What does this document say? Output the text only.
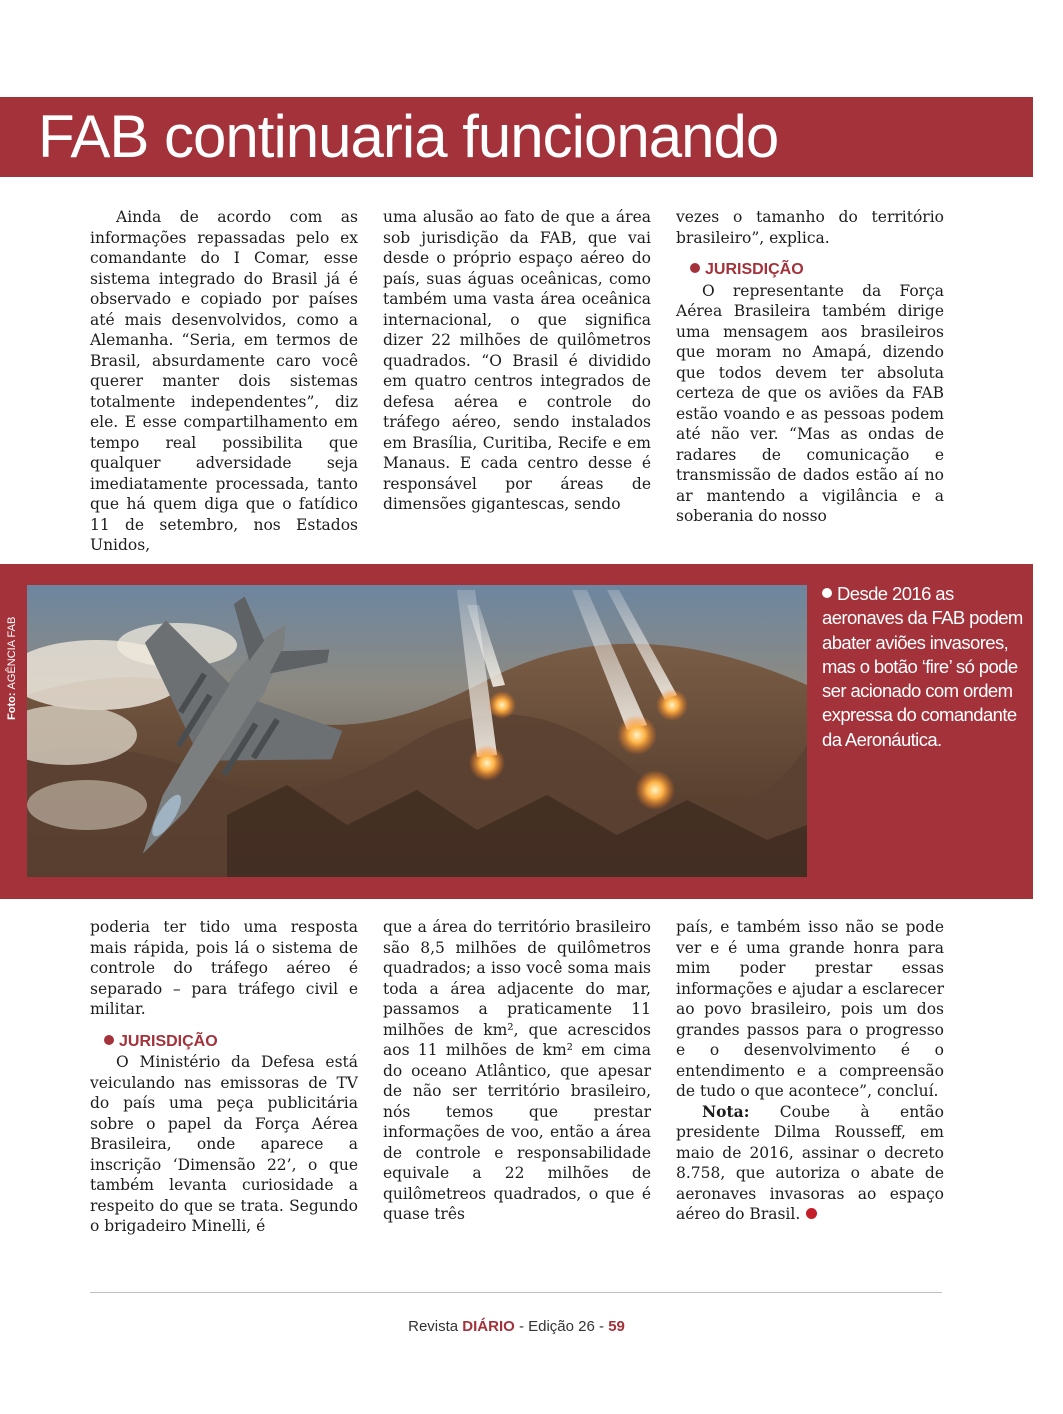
FAB continuaria funcionando

Ainda de acordo com as informações repassadas pelo ex comandante do I Comar, esse sistema integrado do Brasil já é observado e copiado por países até mais desenvolvidos, como a Alemanha. “Seria, em termos de Brasil, absurdamente caro você querer manter dois sistemas totalmente independentes”, diz ele. E esse compartilhamento em tempo real possibilita que qualquer adversidade seja imediatamente processada, tanto que há quem diga que o fatídico 11 de setembro, nos Estados Unidos,

uma alusão ao fato de que a área sob jurisdição da FAB, que vai desde o próprio espaço aéreo do país, suas águas oceânicas, como também uma vasta área oceânica internacional, o que significa dizer 22 milhões de quilômetros quadrados. “O Brasil é dividido em quatro centros integrados de defesa aérea e controle do tráfego aéreo, sendo instalados em Brasília, Curitiba, Recife e em Manaus. E cada centro desse é responsável por áreas de dimensões gigantescas, sendo

vezes o tamanho do território brasileiro”, explica.

JURISDIÇÃO

O representante da Força Aérea Brasileira também dirige uma mensagem aos brasileiros que moram no Amapá, dizendo que todos devem ter absoluta certeza de que os aviões da FAB estão voando e as pessoas podem até não ver. “Mas as ondas de radares de comunicação e transmissão de dados estão aí no ar mantendo a vigilância e a soberania do nosso

Foto: AGÊNCIA FAB
Desde 2016 as aeronaves da FAB podem abater aviões invasores, mas o botão ‘fire’ só pode ser acionado com ordem expressa do comandante da Aeronáutica.

poderia ter tido uma resposta mais rápida, pois lá o sistema de controle do tráfego aéreo é separado – para tráfego civil e militar.

JURISDIÇÃO

O Ministério da Defesa está veiculando nas emissoras de TV do país uma peça publicitária sobre o papel da Força Aérea Brasileira, onde aparece a inscrição ‘Dimensão 22’, o que também levanta curiosidade a respeito do que se trata. Segundo o brigadeiro Minelli, é

que a área do território brasileiro são 8,5 milhões de quilômetros quadrados; a isso você soma mais toda a área adjacente do mar, passamos a praticamente 11 milhões de km², que acrescidos aos 11 milhões de km² em cima do oceano Atlântico, que apesar de não ser território brasileiro, nós temos que prestar informações de voo, então a área de controle e responsabilidade equivale a 22 milhões de quilômetreos quadrados, o que é quase três

país, e também isso não se pode ver e é uma grande honra para mim poder prestar essas informações e ajudar a esclarecer ao povo brasileiro, pois um dos grandes passos para o progresso e o desenvolvimento é o entendimento e a compreensão de tudo o que acontece”, concluí.

Nota: Coube à então presidente Dilma Rousseff, em maio de 2016, assinar o decreto 8.758, que autoriza o abate de aeronaves invasoras ao espaço aéreo do Brasil.

Revista DIÁRIO - Edição 26 - 59
